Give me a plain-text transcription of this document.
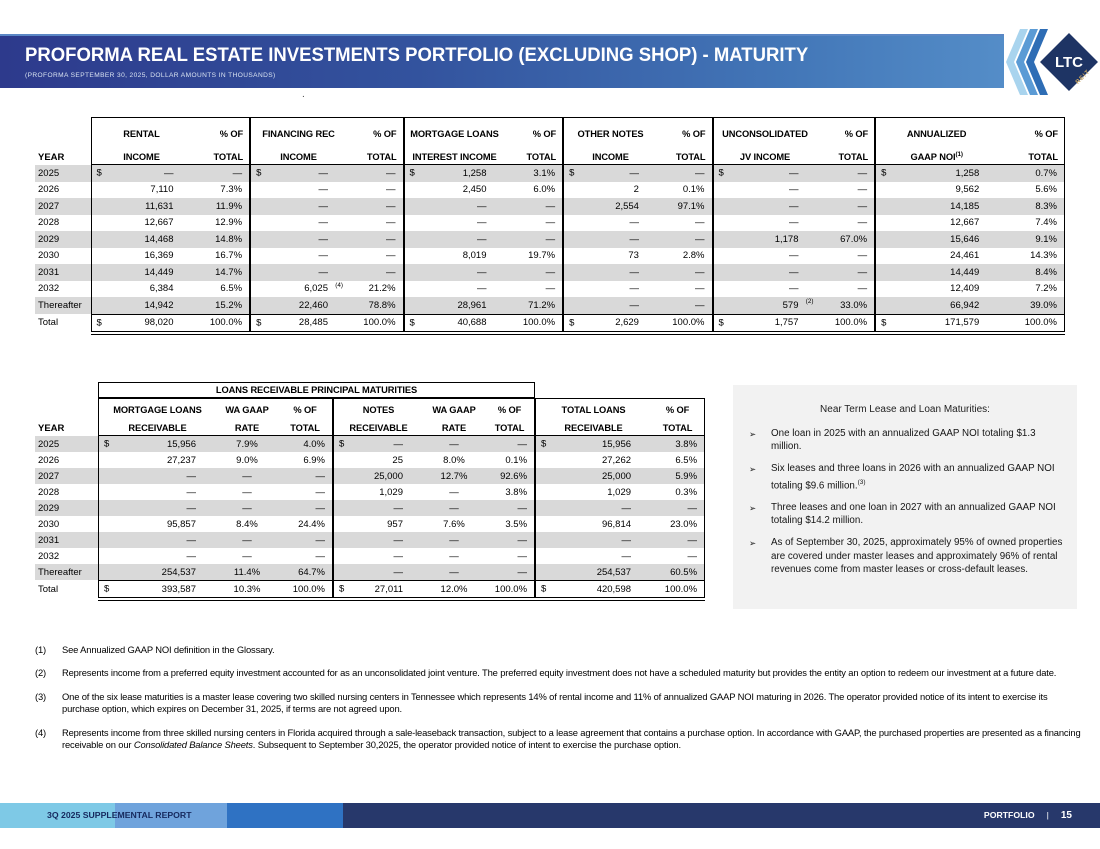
PROFORMA REAL ESTATE INVESTMENTS PORTFOLIO (EXCLUDING SHOP) - MATURITY
(PROFORMA SEPTEMBER 30, 2025, DOLLAR AMOUNTS IN THOUSANDS)
LTC
REIT
.
	RENTAL	% OF	FINANCING REC	% OF	MORTGAGE LOANS	% OF	OTHER NOTES	% OF	UNCONSOLIDATED	% OF	ANNUALIZED	% OF
YEAR	INCOME	TOTAL	INCOME	TOTAL	INTEREST INCOME	TOTAL	INCOME	TOTAL	JV INCOME	TOTAL	GAAP NOI$^{(1)}$	TOTAL
2025	$ —	—	$ —	—	$ 1,258	3.1%	$ —	—	$ —	—	$ 1,258	0.7%
2026	7,110	7.3%	—	—	2,450	6.0%	2	0.1%	—	—	9,562	5.6%
2027	11,631	11.9%	—	—	—	—	2,554	97.1%	—	—	14,185	8.3%
2028	12,667	12.9%	—	—	—	—	—	—	—	—	12,667	7.4%
2029	14,468	14.8%	—	—	—	—	—	—	1,178	67.0%	15,646	9.1%
2030	16,369	16.7%	—	—	8,019	19.7%	73	2.8%	—	—	24,461	14.3%
2031	14,449	14.7%	—	—	—	—	—	—	—	—	14,449	8.4%
2032	6,384	6.5%	6,025 (4)	21.2%	—	—	—	—	—	—	12,409	7.2%
Thereafter	14,942	15.2%	22,460	78.8%	28,961	71.2%	—	—	579 (2)	33.0%	66,942	39.0%
Total	$ 98,020	100.0%	$ 28,485	100.0%	$ 40,688	100.0%	$ 2,629	100.0%	$ 1,757	100.0%	$ 171,579	100.0%
	LOANS RECEIVABLE PRINCIPAL MATURITIES							
	MORTGAGE LOANS	WA GAAP	% OF	NOTES	WA GAAP	% OF	TOTAL LOANS	% OF
YEAR	RECEIVABLE	RATE	TOTAL	RECEIVABLE	RATE	TOTAL	RECEIVABLE	TOTAL
2025	$ 15,956	7.9%	4.0%	$ —	—	—	$ 15,956	3.8%
2026	27,237	9.0%	6.9%	25	8.0%	0.1%	27,262	6.5%
2027	—	—	—	25,000	12.7%	92.6%	25,000	5.9%
2028	—	—	—	1,029	—	3.8%	1,029	0.3%
2029	—	—	—	—	—	—	—	—
2030	95,857	8.4%	24.4%	957	7.6%	3.5%	96,814	23.0%
2031	—	—	—	—	—	—	—	—
2032	—	—	—	—	—	—	—	—
Thereafter	254,537	11.4%	64.7%	—	—	—	254,537	60.5%
Total	$ 393,587	10.3%	100.0%	$ 27,011	12.0%	100.0%	$ 420,598	100.0%
Near Term Lease and Loan Maturities:
➢	One loan in 2025 with an annualized GAAP NOI totaling $1.3 million.
➢	Six leases and three loans in 2026 with an annualized GAAP NOI totaling $9.6 million.$^{(3)}$
➢	Three leases and one loan in 2027 with an annualized GAAP NOI totaling $14.2 million.
➢	As of September 30, 2025, approximately 95% of owned properties are covered under master leases and approximately 96% of rental revenues come from master leases or cross-default leases.
(1)	See Annualized GAAP NOI definition in the Glossary.
(2)	Represents income from a preferred equity investment accounted for as an unconsolidated joint venture. The preferred equity investment does not have a scheduled maturity but provides the entity an option to redeem our investment at a future date.
(3)	One of the six lease maturities is a master lease covering two skilled nursing centers in Tennessee which represents 14% of rental income and 11% of annualized GAAP NOI maturing in 2026. The operator provided notice of its intent to exercise its purchase option, which expires on December 31, 2025, if terms are not agreed upon.
(4)	Represents income from three skilled nursing centers in Florida acquired through a sale-leaseback transaction, subject to a lease agreement that contains a purchase option. In accordance with GAAP, the purchased properties are presented as a financing receivable on our Consolidated Balance Sheets. Subsequent to September 30,2025, the operator provided notice of intent to exercise the purchase option.
3Q 2025 SUPPLEMENTAL REPORT	PORTFOLIO | 15
